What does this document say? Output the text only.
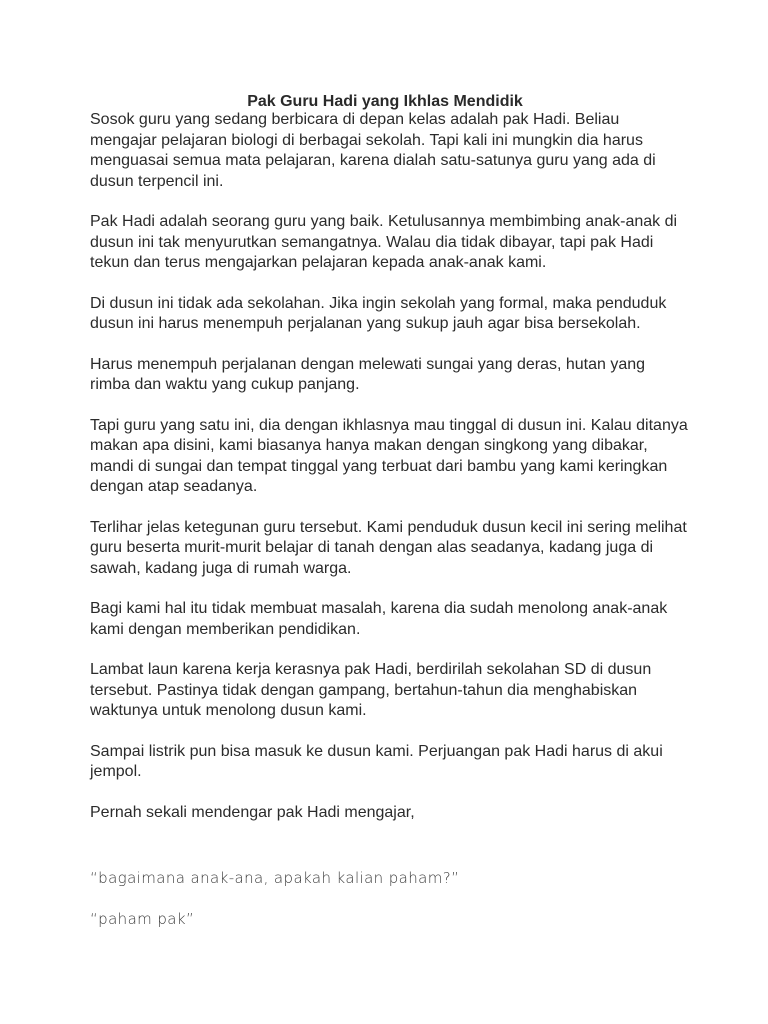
Pak Guru Hadi yang Ikhlas Mendidik

Sosok guru yang sedang berbicara di depan kelas adalah pak Hadi. Beliau mengajar pelajaran biologi di berbagai sekolah. Tapi kali ini mungkin dia harus menguasai semua mata pelajaran, karena dialah satu-satunya guru yang ada di dusun terpencil ini.

Pak Hadi adalah seorang guru yang baik. Ketulusannya membimbing anak-anak di dusun ini tak menyurutkan semangatnya. Walau dia tidak dibayar, tapi pak Hadi tekun dan terus mengajarkan pelajaran kepada anak-anak kami.

Di dusun ini tidak ada sekolahan. Jika ingin sekolah yang formal, maka penduduk dusun ini harus menempuh perjalanan yang sukup jauh agar bisa bersekolah.

Harus menempuh perjalanan dengan melewati sungai yang deras, hutan yang rimba dan waktu yang cukup panjang.

Tapi guru yang satu ini, dia dengan ikhlasnya mau tinggal di dusun ini. Kalau ditanya makan apa disini, kami biasanya hanya makan dengan singkong yang dibakar, mandi di sungai dan tempat tinggal yang terbuat dari bambu yang kami keringkan dengan atap seadanya.

Terlihar jelas ketegunan guru tersebut. Kami penduduk dusun kecil ini sering melihat guru beserta murit-murit belajar di tanah dengan alas seadanya, kadang juga di sawah, kadang juga di rumah warga.

Bagi kami hal itu tidak membuat masalah, karena dia sudah menolong anak-anak kami dengan memberikan pendidikan.

Lambat laun karena kerja kerasnya pak Hadi, berdirilah sekolahan SD di dusun tersebut. Pastinya tidak dengan gampang, bertahun-tahun dia menghabiskan waktunya untuk menolong dusun kami.

Sampai listrik pun bisa masuk ke dusun kami. Perjuangan pak Hadi harus di akui jempol.

Pernah sekali mendengar pak Hadi mengajar,

“bagaimana anak-ana, apakah kalian paham?”
“paham pak”
